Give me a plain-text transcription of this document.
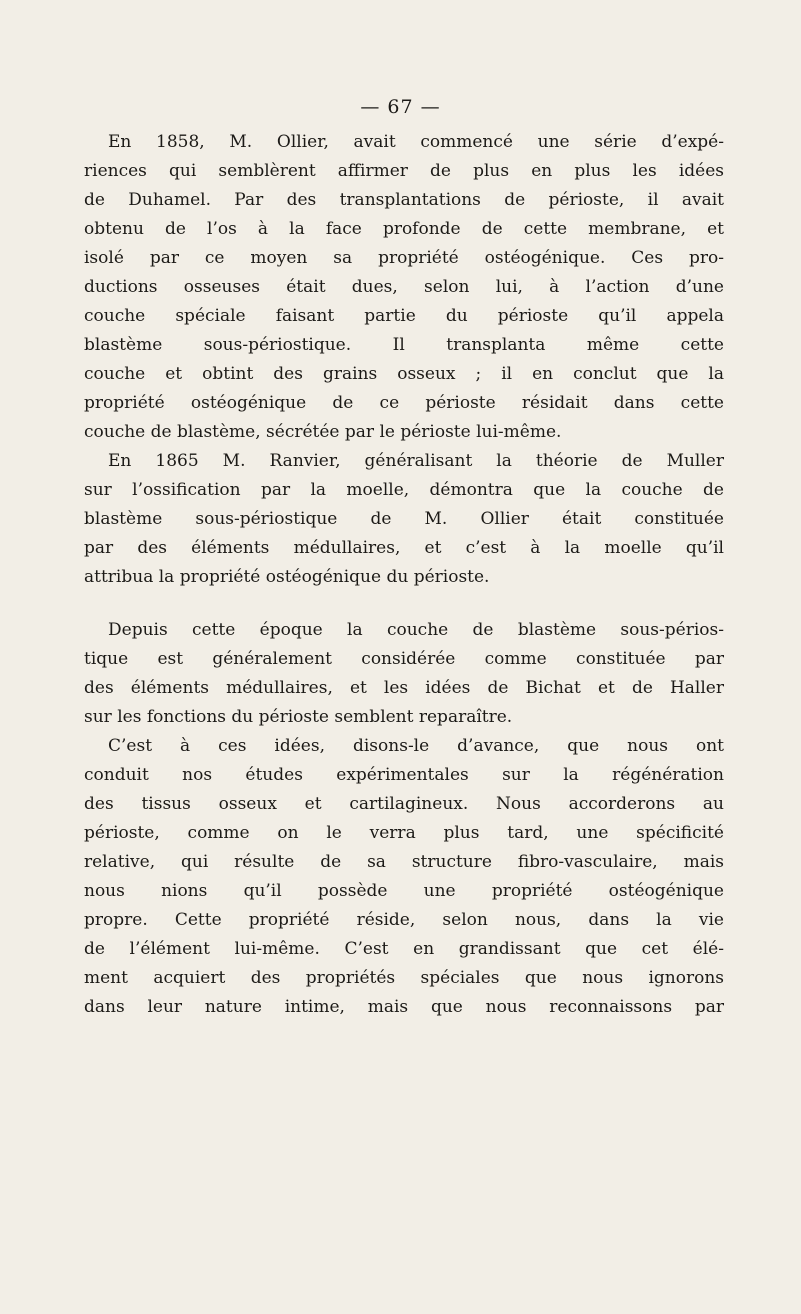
— 67 —
En 1858, M. Ollier, avait commencé une série d’expé-
riences qui semblèrent affirmer de plus en plus les idées
de Duhamel. Par des transplantations de périoste, il avait
obtenu de l’os à la face profonde de cette membrane, et
isolé par ce moyen sa propriété ostéogénique. Ces pro-
ductions osseuses était dues, selon lui, à l’action d’une
couche spéciale faisant partie du périoste qu’il appela
blastème sous-périostique. Il transplanta même cette
couche et obtint des grains osseux ; il en conclut que la
propriété ostéogénique de ce périoste résidait dans cette
couche de blastème, sécrétée par le périoste lui-même.
En 1865 M. Ranvier, généralisant la théorie de Muller
sur l’ossification par la moelle, démontra que la couche de
blastème sous-périostique de M. Ollier était constituée
par des éléments médullaires, et c’est à la moelle qu’il
attribua la propriété ostéogénique du périoste.
Depuis cette époque la couche de blastème sous-périos-
tique est généralement considérée comme constituée par
des éléments médullaires, et les idées de Bichat et de Haller
sur les fonctions du périoste semblent reparaître.
C’est à ces idées, disons-le d’avance, que nous ont
conduit nos études expérimentales sur la régénération
des tissus osseux et cartilagineux. Nous accorderons au
périoste, comme on le verra plus tard, une spécificité
relative, qui résulte de sa structure fibro-vasculaire, mais
nous nions qu’il possède une propriété ostéogénique
propre. Cette propriété réside, selon nous, dans la vie
de l’élément lui-même. C’est en grandissant que cet élé-
ment acquiert des propriétés spéciales que nous ignorons
dans leur nature intime, mais que nous reconnaissons par
